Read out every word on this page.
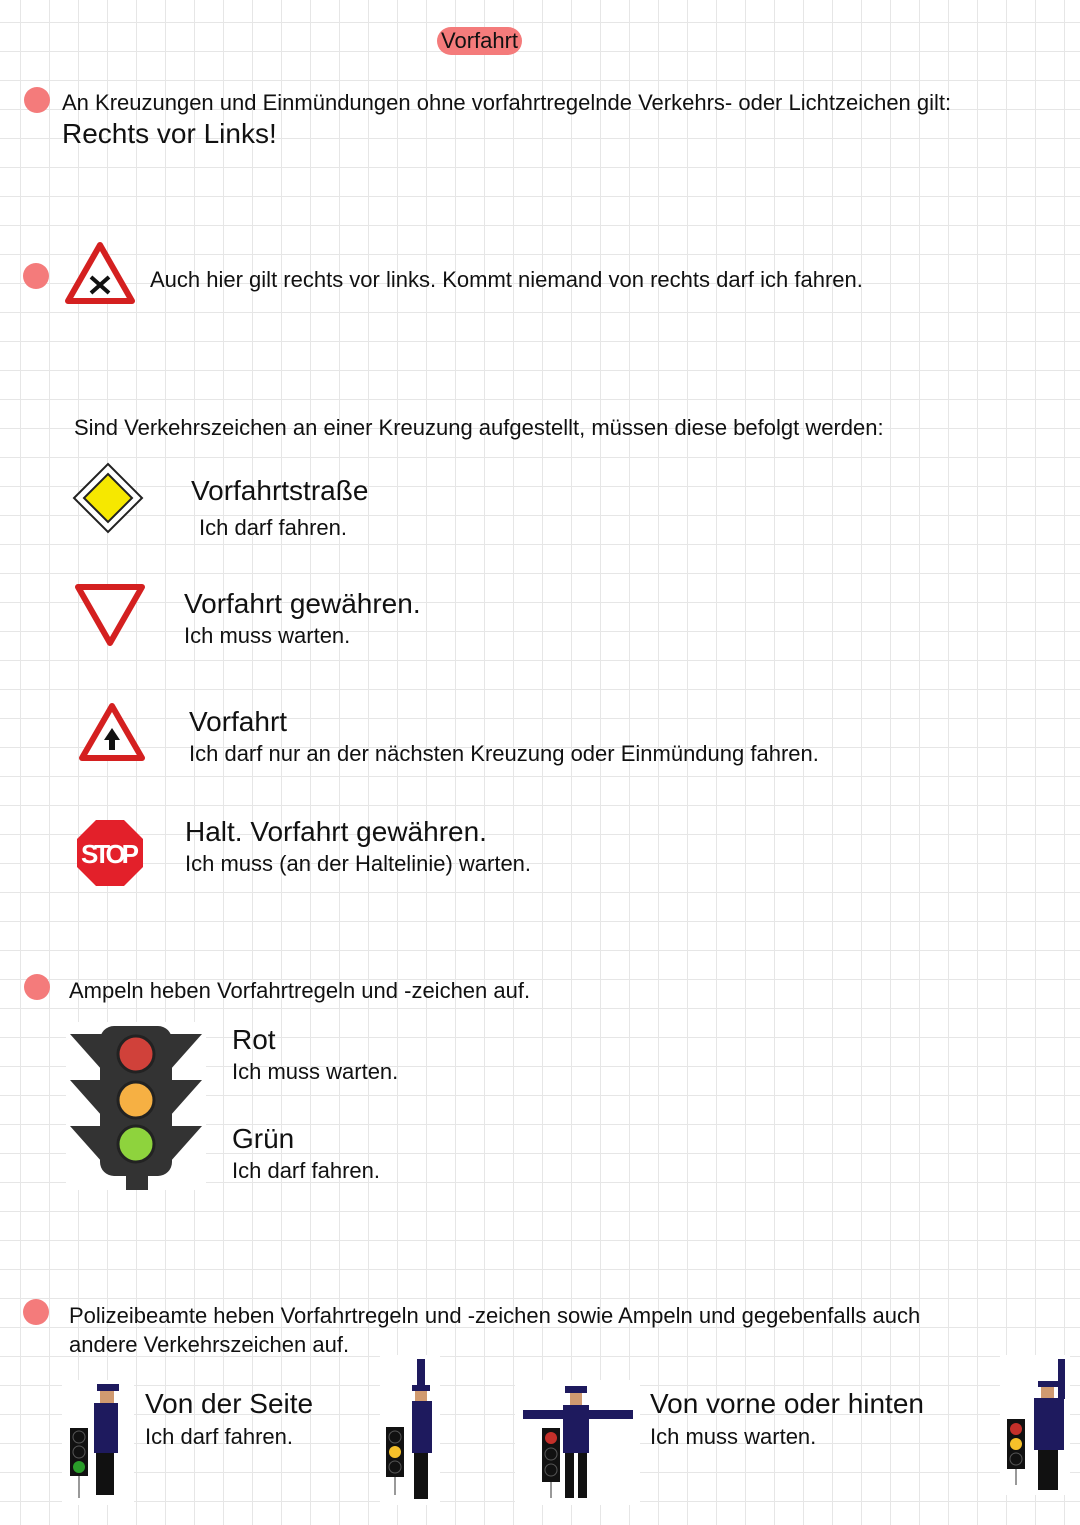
Vorfahrt
An Kreuzungen und Einmündungen ohne vorfahrtregelnde Verkehrs- oder Lichtzeichen gilt:
Rechts vor Links!
Auch hier gilt rechts vor links. Kommt niemand von rechts darf ich fahren.
Sind Verkehrszeichen an einer Kreuzung aufgestellt, müssen diese befolgt werden:
Vorfahrtstraße
Ich darf fahren.
Vorfahrt gewähren.
Ich muss warten.
Vorfahrt
Ich darf nur an der nächsten Kreuzung oder Einmündung fahren.
STOP
Halt. Vorfahrt gewähren.
Ich muss (an der Haltelinie) warten.
Ampeln heben Vorfahrtregeln und -zeichen auf.
Rot
Ich muss warten.
Grün
Ich darf fahren.
Polizeibeamte heben Vorfahrtregeln und -zeichen sowie Ampeln und gegebenfalls auch
andere Verkehrszeichen auf.
Von der Seite
Ich darf fahren.
Von vorne oder hinten
Ich muss warten.
